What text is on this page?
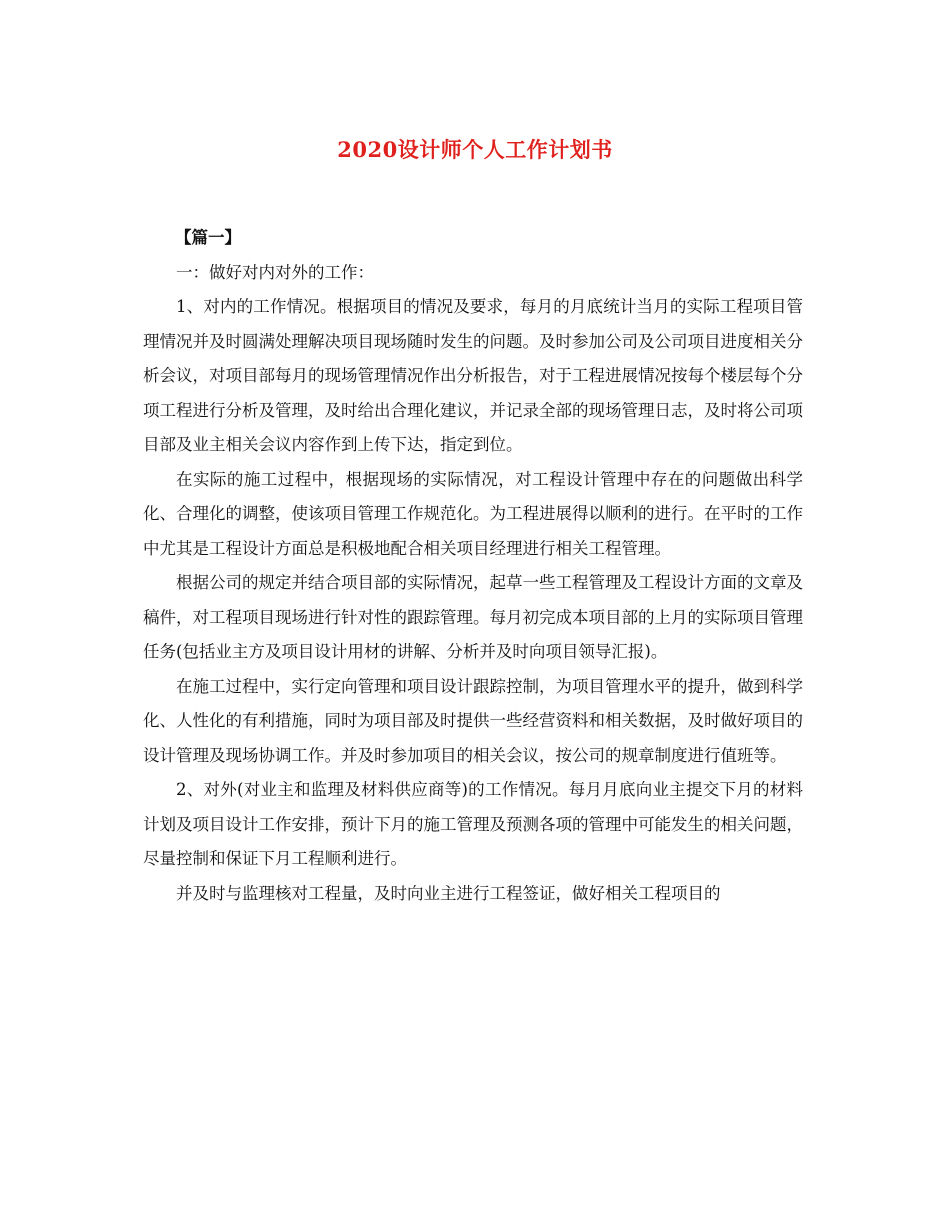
2020设计师个人工作计划书

【篇一】

一：做好对内对外的工作：

1、对内的工作情况。根据项目的情况及要求，每月的月底统计当月的实际工程项目管理情况并及时圆满处理解决项目现场随时发生的问题。及时参加公司及公司项目进度相关分析会议，对项目部每月的现场管理情况作出分析报告，对于工程进展情况按每个楼层每个分项工程进行分析及管理，及时给出合理化建议，并记录全部的现场管理日志，及时将公司项目部及业主相关会议内容作到上传下达，指定到位。

在实际的施工过程中，根据现场的实际情况，对工程设计管理中存在的问题做出科学化、合理化的调整，使该项目管理工作规范化。为工程进展得以顺利的进行。在平时的工作中尤其是工程设计方面总是积极地配合相关项目经理进行相关工程管理。

根据公司的规定并结合项目部的实际情况，起草一些工程管理及工程设计方面的文章及稿件，对工程项目现场进行针对性的跟踪管理。每月初完成本项目部的上月的实际项目管理任务(包括业主方及项目设计用材的讲解、分析并及时向项目领导汇报)。

在施工过程中，实行定向管理和项目设计跟踪控制，为项目管理水平的提升，做到科学化、人性化的有利措施，同时为项目部及时提供一些经营资料和相关数据，及时做好项目的设计管理及现场协调工作。并及时参加项目的相关会议，按公司的规章制度进行值班等。

2、对外(对业主和监理及材料供应商等)的工作情况。每月月底向业主提交下月的材料计划及项目设计工作安排，预计下月的施工管理及预测各项的管理中可能发生的相关问题，尽量控制和保证下月工程顺利进行。

并及时与监理核对工程量，及时向业主进行工程签证，做好相关工程项目的
